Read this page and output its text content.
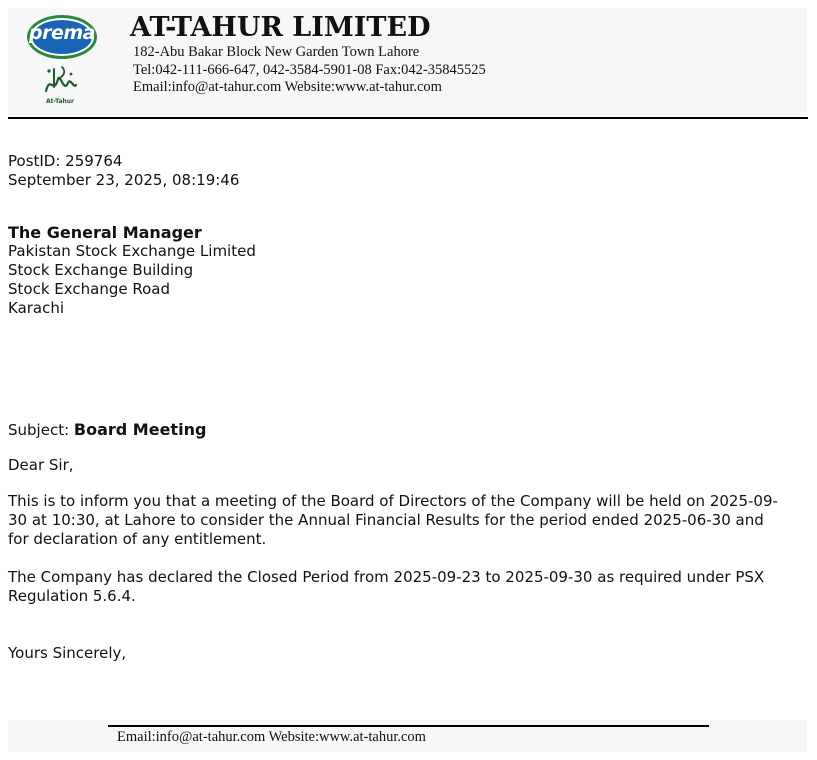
prema
At-Tahur
AT-TAHUR LIMITED
182-Abu Bakar Block New Garden Town Lahore
Tel:042-111-666-647, 042-3584-5901-08 Fax:042-35845525
Email:info@at-tahur.com Website:www.at-tahur.com
PostID: 259764
September 23, 2025, 08:19:46
The General Manager
Pakistan Stock Exchange Limited
Stock Exchange Building
Stock Exchange Road
Karachi
Subject: Board Meeting
Dear Sir,
This is to inform you that a meeting of the Board of Directors of the Company will be held on 2025-09-30 at 10:30, at Lahore to consider the Annual Financial Results for the period ended 2025-06-30 and for declaration of any entitlement.
The Company has declared the Closed Period from 2025-09-23 to 2025-09-30 as required under PSX Regulation 5.6.4.
Yours Sincerely,
Email:info@at-tahur.com Website:www.at-tahur.com
